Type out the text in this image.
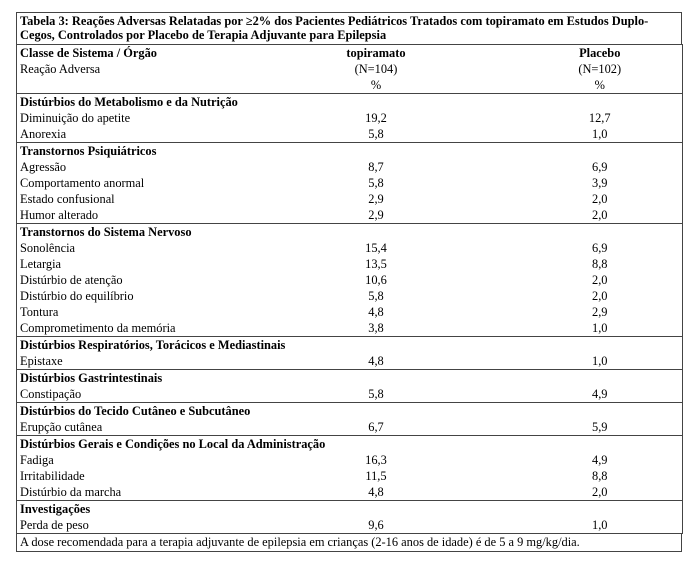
Tabela 3: Reações Adversas Relatadas por ≥2% dos Pacientes Pediátricos Tratados com topiramato em Estudos Duplo-Cegos, Controlados por Placebo de Terapia Adjuvante para Epilepsia
Classe de Sistema / Órgão	topiramato	Placebo
Reação Adversa	(N=104)	(N=102)
	%	%
Distúrbios do Metabolismo e da Nutrição		
Diminuição do apetite	19,2	12,7
Anorexia	5,8	1,0
Transtornos Psiquiátricos		
Agressão	8,7	6,9
Comportamento anormal	5,8	3,9
Estado confusional	2,9	2,0
Humor alterado	2,9	2,0
Transtornos do Sistema Nervoso		
Sonolência	15,4	6,9
Letargia	13,5	8,8
Distúrbio de atenção	10,6	2,0
Distúrbio do equilíbrio	5,8	2,0
Tontura	4,8	2,9
Comprometimento da memória	3,8	1,0
Distúrbios Respiratórios, Torácicos e Mediastinais		
Epistaxe	4,8	1,0
Distúrbios Gastrintestinais		
Constipação	5,8	4,9
Distúrbios do Tecido Cutâneo e Subcutâneo		
Erupção cutânea	6,7	5,9
Distúrbios Gerais e Condições no Local da Administração		
Fadiga	16,3	4,9
Irritabilidade	11,5	8,8
Distúrbio da marcha	4,8	2,0
Investigações		
Perda de peso	9,6	1,0
A dose recomendada para a terapia adjuvante de epilepsia em crianças (2-16 anos de idade) é de 5 a 9 mg/kg/dia.
